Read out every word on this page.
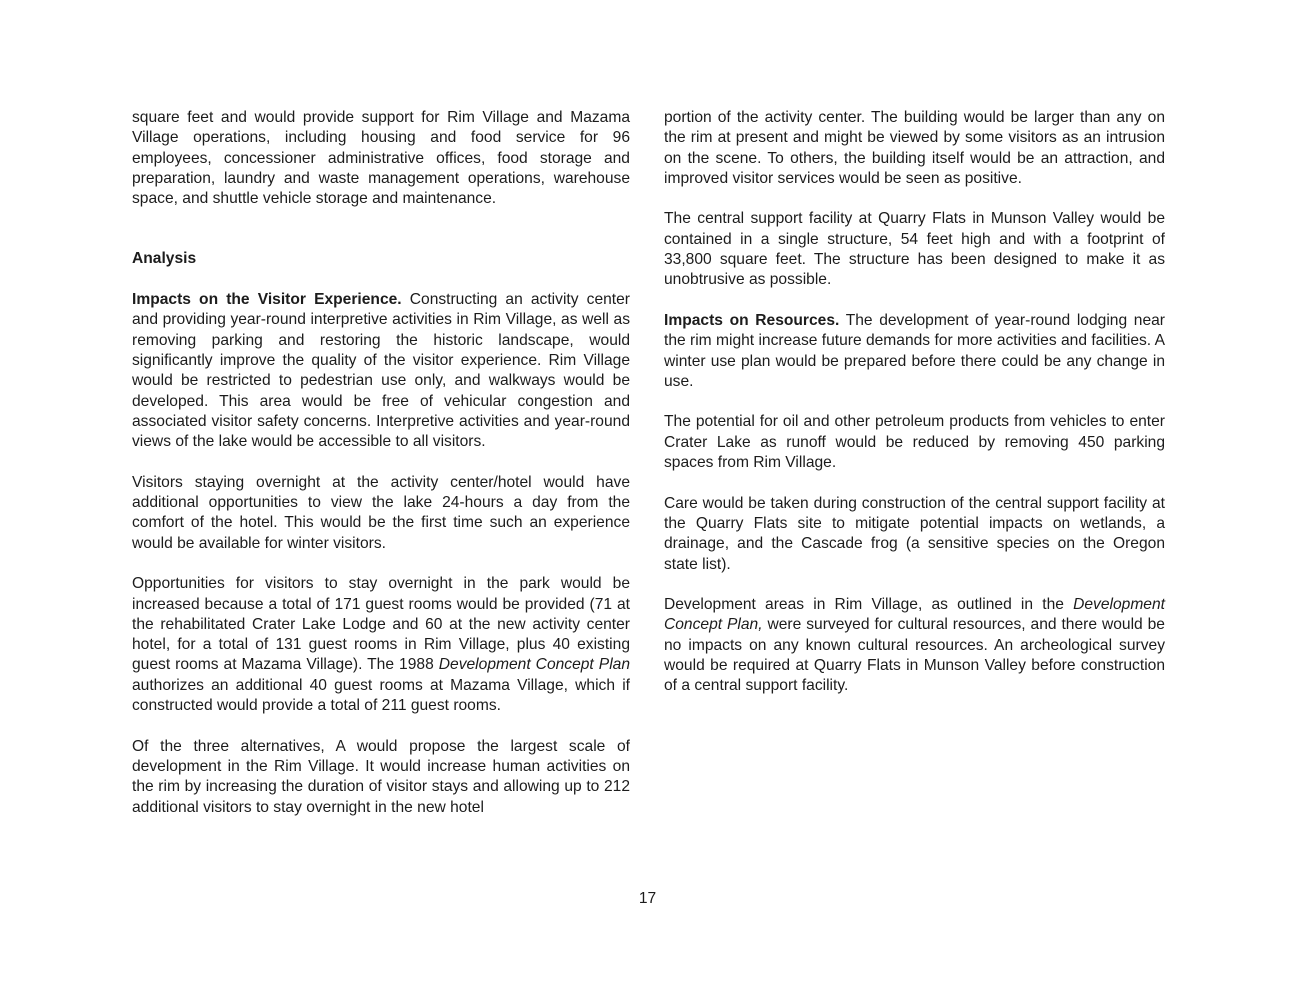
square feet and would provide support for Rim Village and Mazama Village operations, including housing and food service for 96 employees, concessioner administrative offices, food storage and preparation, laundry and waste management operations, warehouse space, and shuttle vehicle storage and maintenance.

Analysis

Impacts on the Visitor Experience. Constructing an activity center and providing year-round interpretive activities in Rim Village, as well as removing parking and restoring the historic landscape, would significantly improve the quality of the visitor experience. Rim Village would be restricted to pedestrian use only, and walkways would be developed. This area would be free of vehicular congestion and associated visitor safety concerns. Interpretive activities and year-round views of the lake would be accessible to all visitors.

Visitors staying overnight at the activity center/hotel would have additional opportunities to view the lake 24-hours a day from the comfort of the hotel. This would be the first time such an experience would be available for winter visitors.

Opportunities for visitors to stay overnight in the park would be increased because a total of 171 guest rooms would be provided (71 at the rehabilitated Crater Lake Lodge and 60 at the new activity center hotel, for a total of 131 guest rooms in Rim Village, plus 40 existing guest rooms at Mazama Village). The 1988 Development Concept Plan authorizes an additional 40 guest rooms at Mazama Village, which if constructed would provide a total of 211 guest rooms.

Of the three alternatives, A would propose the largest scale of development in the Rim Village. It would increase human activities on the rim by increasing the duration of visitor stays and allowing up to 212 additional visitors to stay overnight in the new hotel

portion of the activity center. The building would be larger than any on the rim at present and might be viewed by some visitors as an intrusion on the scene. To others, the building itself would be an attraction, and improved visitor services would be seen as positive.

The central support facility at Quarry Flats in Munson Valley would be contained in a single structure, 54 feet high and with a footprint of 33,800 square feet. The structure has been designed to make it as unobtrusive as possible.

Impacts on Resources. The development of year-round lodging near the rim might increase future demands for more activities and facilities. A winter use plan would be prepared before there could be any change in use.

The potential for oil and other petroleum products from vehicles to enter Crater Lake as runoff would be reduced by removing 450 parking spaces from Rim Village.

Care would be taken during construction of the central support facility at the Quarry Flats site to mitigate potential impacts on wetlands, a drainage, and the Cascade frog (a sensitive species on the Oregon state list).

Development areas in Rim Village, as outlined in the Development Concept Plan, were surveyed for cultural resources, and there would be no impacts on any known cultural resources. An archeological survey would be required at Quarry Flats in Munson Valley before construction of a central support facility.

17
